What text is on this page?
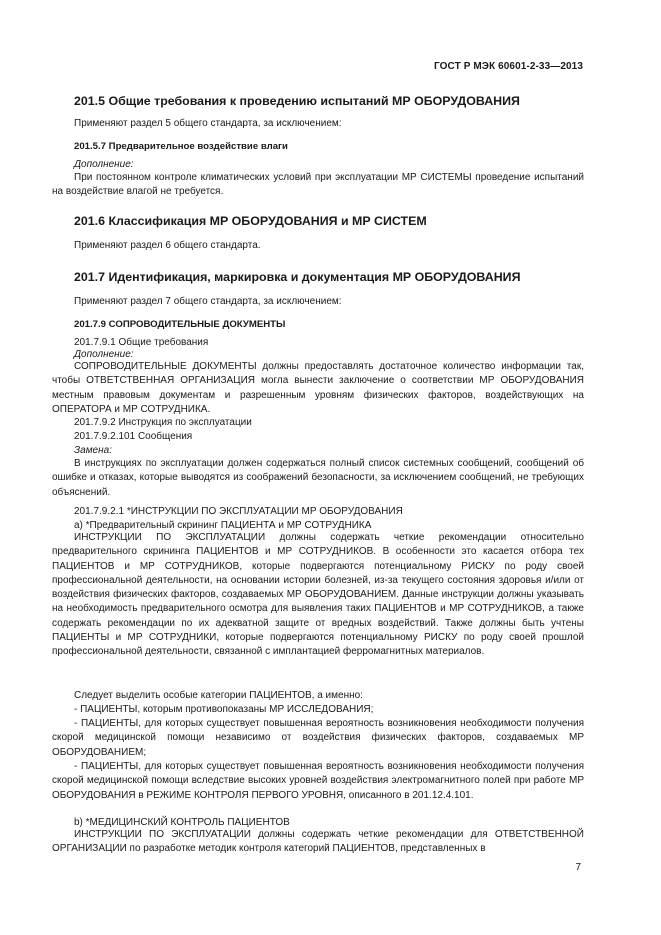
ГОСТ Р МЭК 60601-2-33—2013
201.5 Общие требования к проведению испытаний МР ОБОРУДОВАНИЯ
Применяют раздел 5 общего стандарта, за исключением:
201.5.7 Предварительное воздействие влаги
Дополнение:

При постоянном контроле климатических условий при эксплуатации МР СИСТЕМЫ проведение испытаний на воздействие влагой не требуется.

201.6 Классификация МР ОБОРУДОВАНИЯ и МР СИСТЕМ
Применяют раздел 6 общего стандарта.
201.7 Идентификация, маркировка и документация МР ОБОРУДОВАНИЯ
Применяют раздел 7 общего стандарта, за исключением:
201.7.9 СОПРОВОДИТЕЛЬНЫЕ ДОКУМЕНТЫ
201.7.9.1 Общие требования
Дополнение:

СОПРОВОДИТЕЛЬНЫЕ ДОКУМЕНТЫ должны предоставлять достаточное количество информации так, чтобы ОТВЕТСТВЕННАЯ ОРГАНИЗАЦИЯ могла вынести заключение о соответствии МР ОБОРУДОВАНИЯ местным правовым документам и разрешенным уровням физических факторов, воздействующих на ОПЕРАТОРА и МР СОТРУДНИКА.

201.7.9.2 Инструкция по эксплуатации
201.7.9.2.101 Сообщения
Замена:

В инструкциях по эксплуатации должен содержаться полный список системных сообщений, сообщений об ошибке и отказах, которые выводятся из соображений безопасности, за исключением сообщений, не требующих объяснений.

201.7.9.2.1 *ИНСТРУКЦИИ ПО ЭКСПЛУАТАЦИИ МР ОБОРУДОВАНИЯ
а) *Предварительный скрининг ПАЦИЕНТА и МР СОТРУДНИКА

ИНСТРУКЦИИ ПО ЭКСПЛУАТАЦИИ должны содержать четкие рекомендации относительно предварительного скрининга ПАЦИЕНТОВ и МР СОТРУДНИКОВ. В особенности это касается отбора тех ПАЦИЕНТОВ и МР СОТРУДНИКОВ, которые подвергаются потенциальному РИСКУ по роду своей профессиональной деятельности, на основании истории болезней, из-за текущего состояния здоровья и/или от воздействия физических факторов, создаваемых МР ОБОРУДОВАНИЕМ. Данные инструкции должны указывать на необходимость предварительного осмотра для выявления таких ПАЦИЕНТОВ и МР СОТРУДНИКОВ, а также содержать рекомендации по их адекватной защите от вредных воздействий. Также должны быть учтены ПАЦИЕНТЫ и МР СОТРУДНИКИ, которые подвергаются потенциальному РИСКУ по роду своей прошлой профессиональной деятельности, связанной с имплантацией ферромагнитных материалов.

Следует выделить особые категории ПАЦИЕНТОВ, а именно:

- ПАЦИЕНТЫ, которым противопоказаны МР ИССЛЕДОВАНИЯ;

- ПАЦИЕНТЫ, для которых существует повышенная вероятность возникновения необходимости получения скорой медицинской помощи независимо от воздействия физических факторов, создаваемых МР ОБОРУДОВАНИЕМ;

- ПАЦИЕНТЫ, для которых существует повышенная вероятность возникновения необходимости получения скорой медицинской помощи вследствие высоких уровней воздействия электромагнитного полей при работе МР ОБОРУДОВАНИЯ в РЕЖИМЕ КОНТРОЛЯ ПЕРВОГО УРОВНЯ, описанного в 201.12.4.101.

b) *МЕДИЦИНСКИЙ КОНТРОЛЬ ПАЦИЕНТОВ

ИНСТРУКЦИИ ПО ЭКСПЛУАТАЦИИ должны содержать четкие рекомендации для ОТВЕТСТВЕННОЙ ОРГАНИЗАЦИИ по разработке методик контроля категорий ПАЦИЕНТОВ, представленных в

7
